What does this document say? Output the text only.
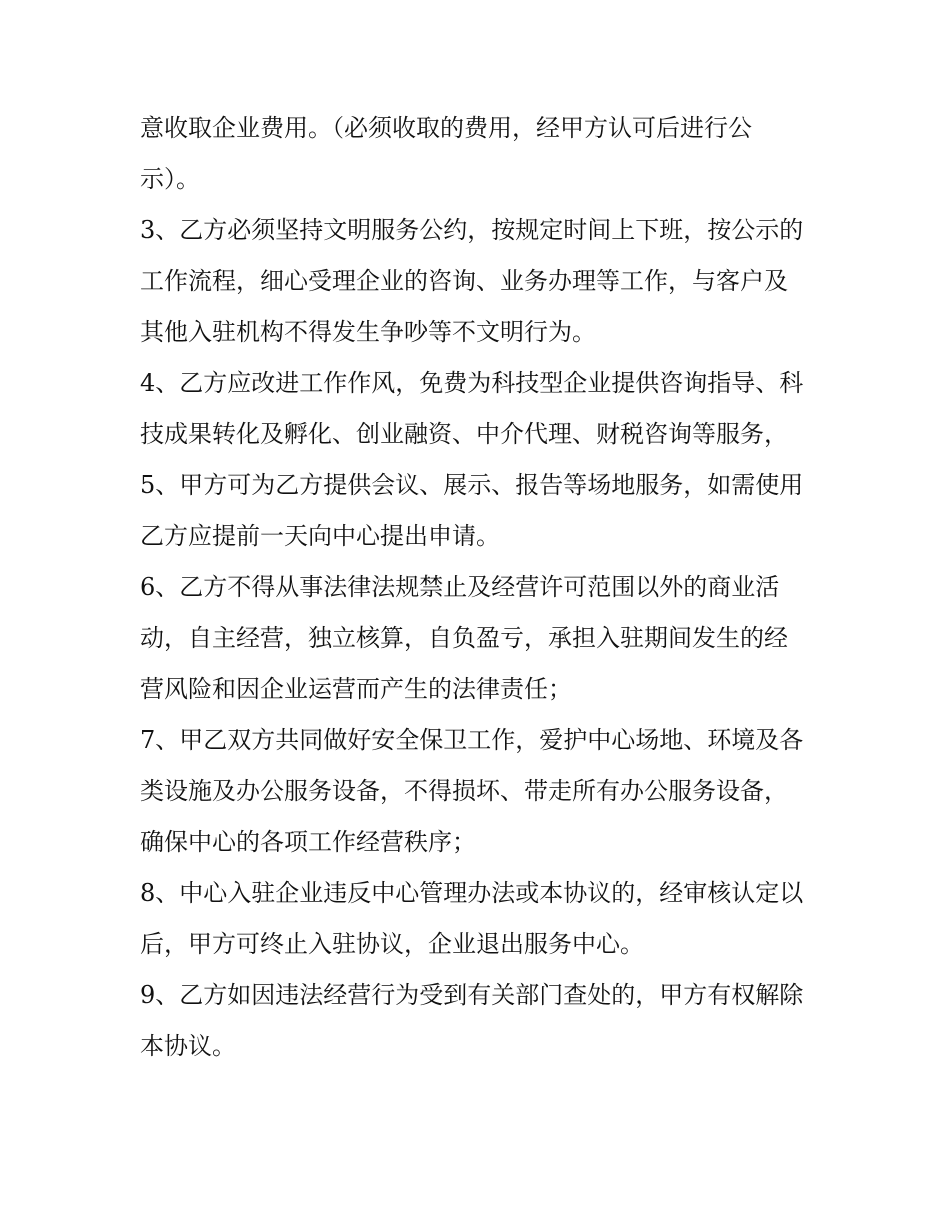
意收取企业费用。（必须收取的费用，经甲方认可后进行公示）。

3、乙方必须坚持文明服务公约，按规定时间上下班，按公示的工作流程，细心受理企业的咨询、业务办理等工作，与客户及其他入驻机构不得发生争吵等不文明行为。

4、乙方应改进工作作风，免费为科技型企业提供咨询指导、科技成果转化及孵化、创业融资、中介代理、财税咨询等服务，

5、甲方可为乙方提供会议、展示、报告等场地服务，如需使用乙方应提前一天向中心提出申请。

6、乙方不得从事法律法规禁止及经营许可范围以外的商业活动，自主经营，独立核算，自负盈亏，承担入驻期间发生的经营风险和因企业运营而产生的法律责任；

7、甲乙双方共同做好安全保卫工作，爱护中心场地、环境及各类设施及办公服务设备，不得损坏、带走所有办公服务设备，确保中心的各项工作经营秩序；

8、中心入驻企业违反中心管理办法或本协议的，经审核认定以后，甲方可终止入驻协议，企业退出服务中心。

9、乙方如因违法经营行为受到有关部门查处的，甲方有权解除本协议。
